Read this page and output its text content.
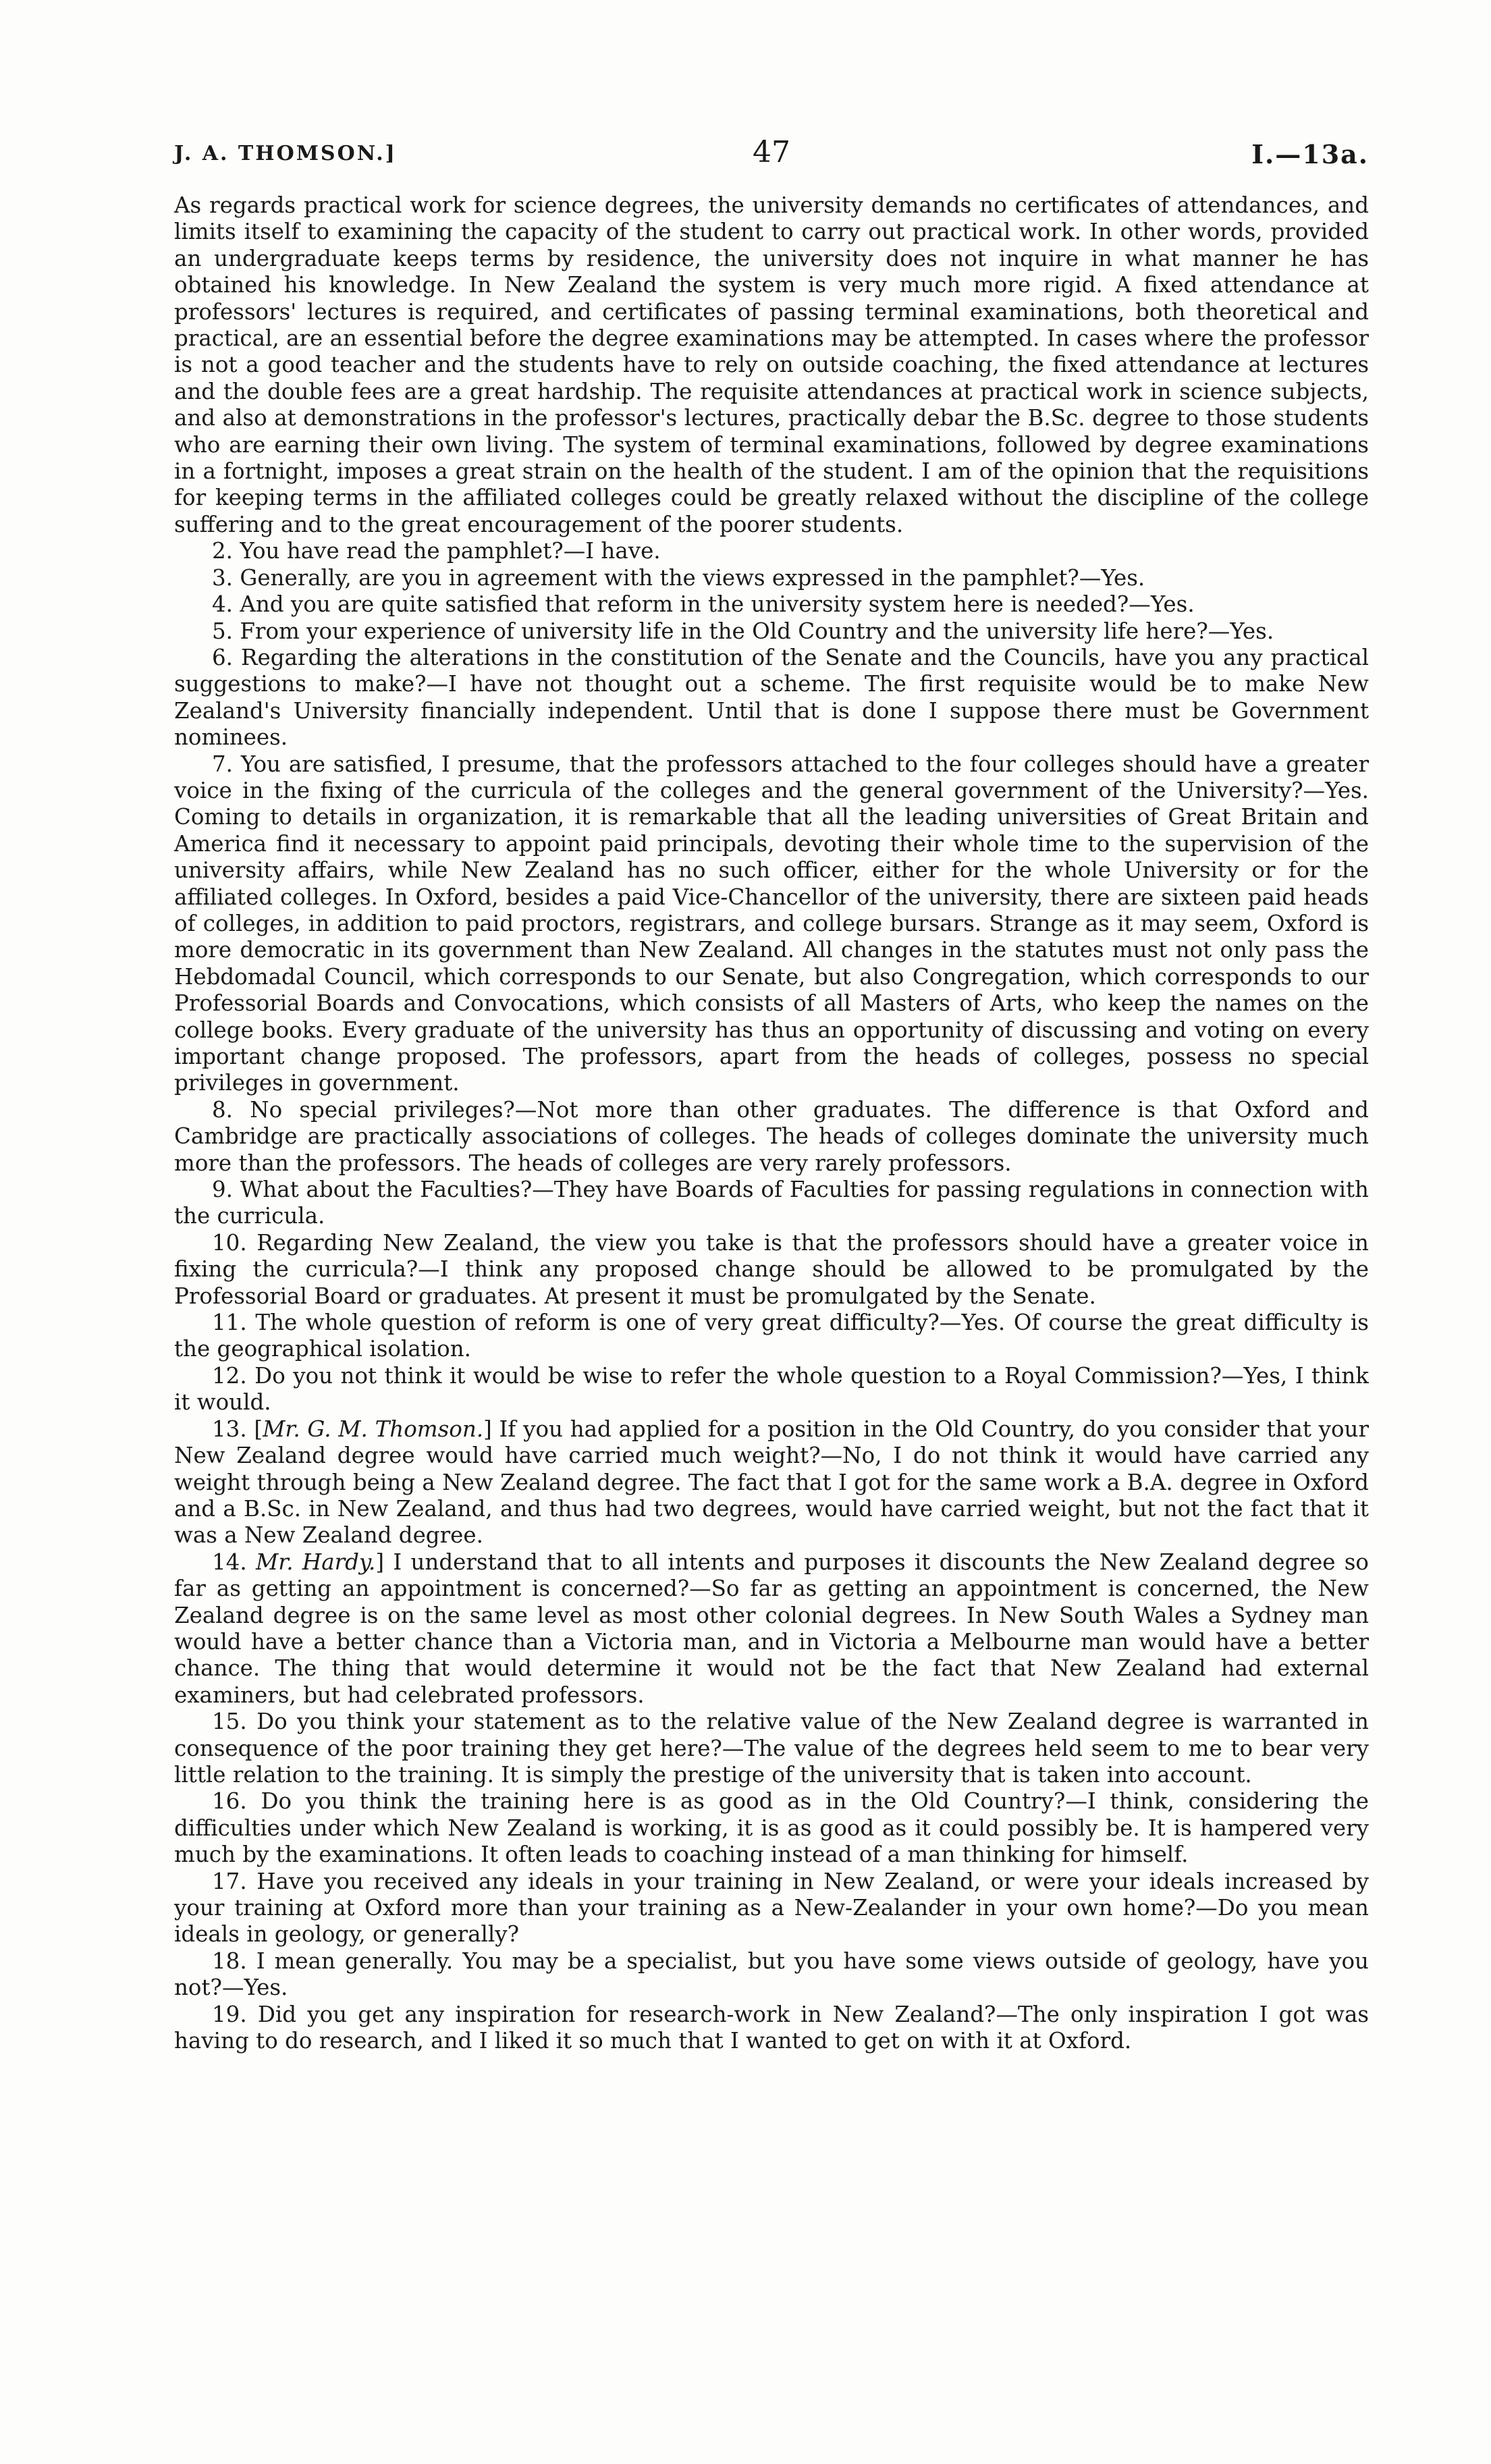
J. A. THOMSON.]	47	I.—13a.

As regards practical work for science degrees, the university demands no certificates of attendances, and limits itself to examining the capacity of the student to carry out practical work. In other words, provided an undergraduate keeps terms by residence, the university does not inquire in what manner he has obtained his knowledge. In New Zealand the system is very much more rigid. A fixed attendance at professors' lectures is required, and certificates of passing terminal examinations, both theoretical and practical, are an essential before the degree examinations may be attempted. In cases where the professor is not a good teacher and the students have to rely on outside coaching, the fixed attendance at lectures and the double fees are a great hardship. The requisite attendances at practical work in science subjects, and also at demonstrations in the professor's lectures, practically debar the B.Sc. degree to those students who are earning their own living. The system of terminal examinations, followed by degree examinations in a fortnight, imposes a great strain on the health of the student. I am of the opinion that the requisitions for keeping terms in the affiliated colleges could be greatly relaxed without the discipline of the college suffering and to the great encouragement of the poorer students.

2. You have read the pamphlet?—I have.

3. Generally, are you in agreement with the views expressed in the pamphlet?—Yes.

4. And you are quite satisfied that reform in the university system here is needed?—Yes.

5. From your experience of university life in the Old Country and the university life here?—Yes.

6. Regarding the alterations in the constitution of the Senate and the Councils, have you any practical suggestions to make?—I have not thought out a scheme. The first requisite would be to make New Zealand's University financially independent. Until that is done I suppose there must be Government nominees.

7. You are satisfied, I presume, that the professors attached to the four colleges should have a greater voice in the fixing of the curricula of the colleges and the general government of the University?—Yes. Coming to details in organization, it is remarkable that all the leading universities of Great Britain and America find it necessary to appoint paid principals, devoting their whole time to the supervision of the university affairs, while New Zealand has no such officer, either for the whole University or for the affiliated colleges. In Oxford, besides a paid Vice-Chancellor of the university, there are sixteen paid heads of colleges, in addition to paid proctors, registrars, and college bursars. Strange as it may seem, Oxford is more democratic in its government than New Zealand. All changes in the statutes must not only pass the Hebdomadal Council, which corresponds to our Senate, but also Congregation, which corresponds to our Professorial Boards and Convocations, which consists of all Masters of Arts, who keep the names on the college books. Every graduate of the university has thus an opportunity of discussing and voting on every important change proposed. The professors, apart from the heads of colleges, possess no special privileges in government.

8. No special privileges?—Not more than other graduates. The difference is that Oxford and Cambridge are practically associations of colleges. The heads of colleges dominate the university much more than the professors. The heads of colleges are very rarely professors.

9. What about the Faculties?—They have Boards of Faculties for passing regulations in connection with the curricula.

10. Regarding New Zealand, the view you take is that the professors should have a greater voice in fixing the curricula?—I think any proposed change should be allowed to be promulgated by the Professorial Board or graduates. At present it must be promulgated by the Senate.

11. The whole question of reform is one of very great difficulty?—Yes. Of course the great difficulty is the geographical isolation.

12. Do you not think it would be wise to refer the whole question to a Royal Commission?—Yes, I think it would.

13. [Mr. G. M. Thomson.] If you had applied for a position in the Old Country, do you consider that your New Zealand degree would have carried much weight?—No, I do not think it would have carried any weight through being a New Zealand degree. The fact that I got for the same work a B.A. degree in Oxford and a B.Sc. in New Zealand, and thus had two degrees, would have carried weight, but not the fact that it was a New Zealand degree.

14. Mr. Hardy.] I understand that to all intents and purposes it discounts the New Zealand degree so far as getting an appointment is concerned?—So far as getting an appointment is concerned, the New Zealand degree is on the same level as most other colonial degrees. In New South Wales a Sydney man would have a better chance than a Victoria man, and in Victoria a Melbourne man would have a better chance. The thing that would determine it would not be the fact that New Zealand had external examiners, but had celebrated professors.

15. Do you think your statement as to the relative value of the New Zealand degree is warranted in consequence of the poor training they get here?—The value of the degrees held seem to me to bear very little relation to the training. It is simply the prestige of the university that is taken into account.

16. Do you think the training here is as good as in the Old Country?—I think, considering the difficulties under which New Zealand is working, it is as good as it could possibly be. It is hampered very much by the examinations. It often leads to coaching instead of a man thinking for himself.

17. Have you received any ideals in your training in New Zealand, or were your ideals increased by your training at Oxford more than your training as a New-Zealander in your own home?—Do you mean ideals in geology, or generally?

18. I mean generally. You may be a specialist, but you have some views outside of geology, have you not?—Yes.

19. Did you get any inspiration for research-work in New Zealand?—The only inspiration I got was having to do research, and I liked it so much that I wanted to get on with it at Oxford.
